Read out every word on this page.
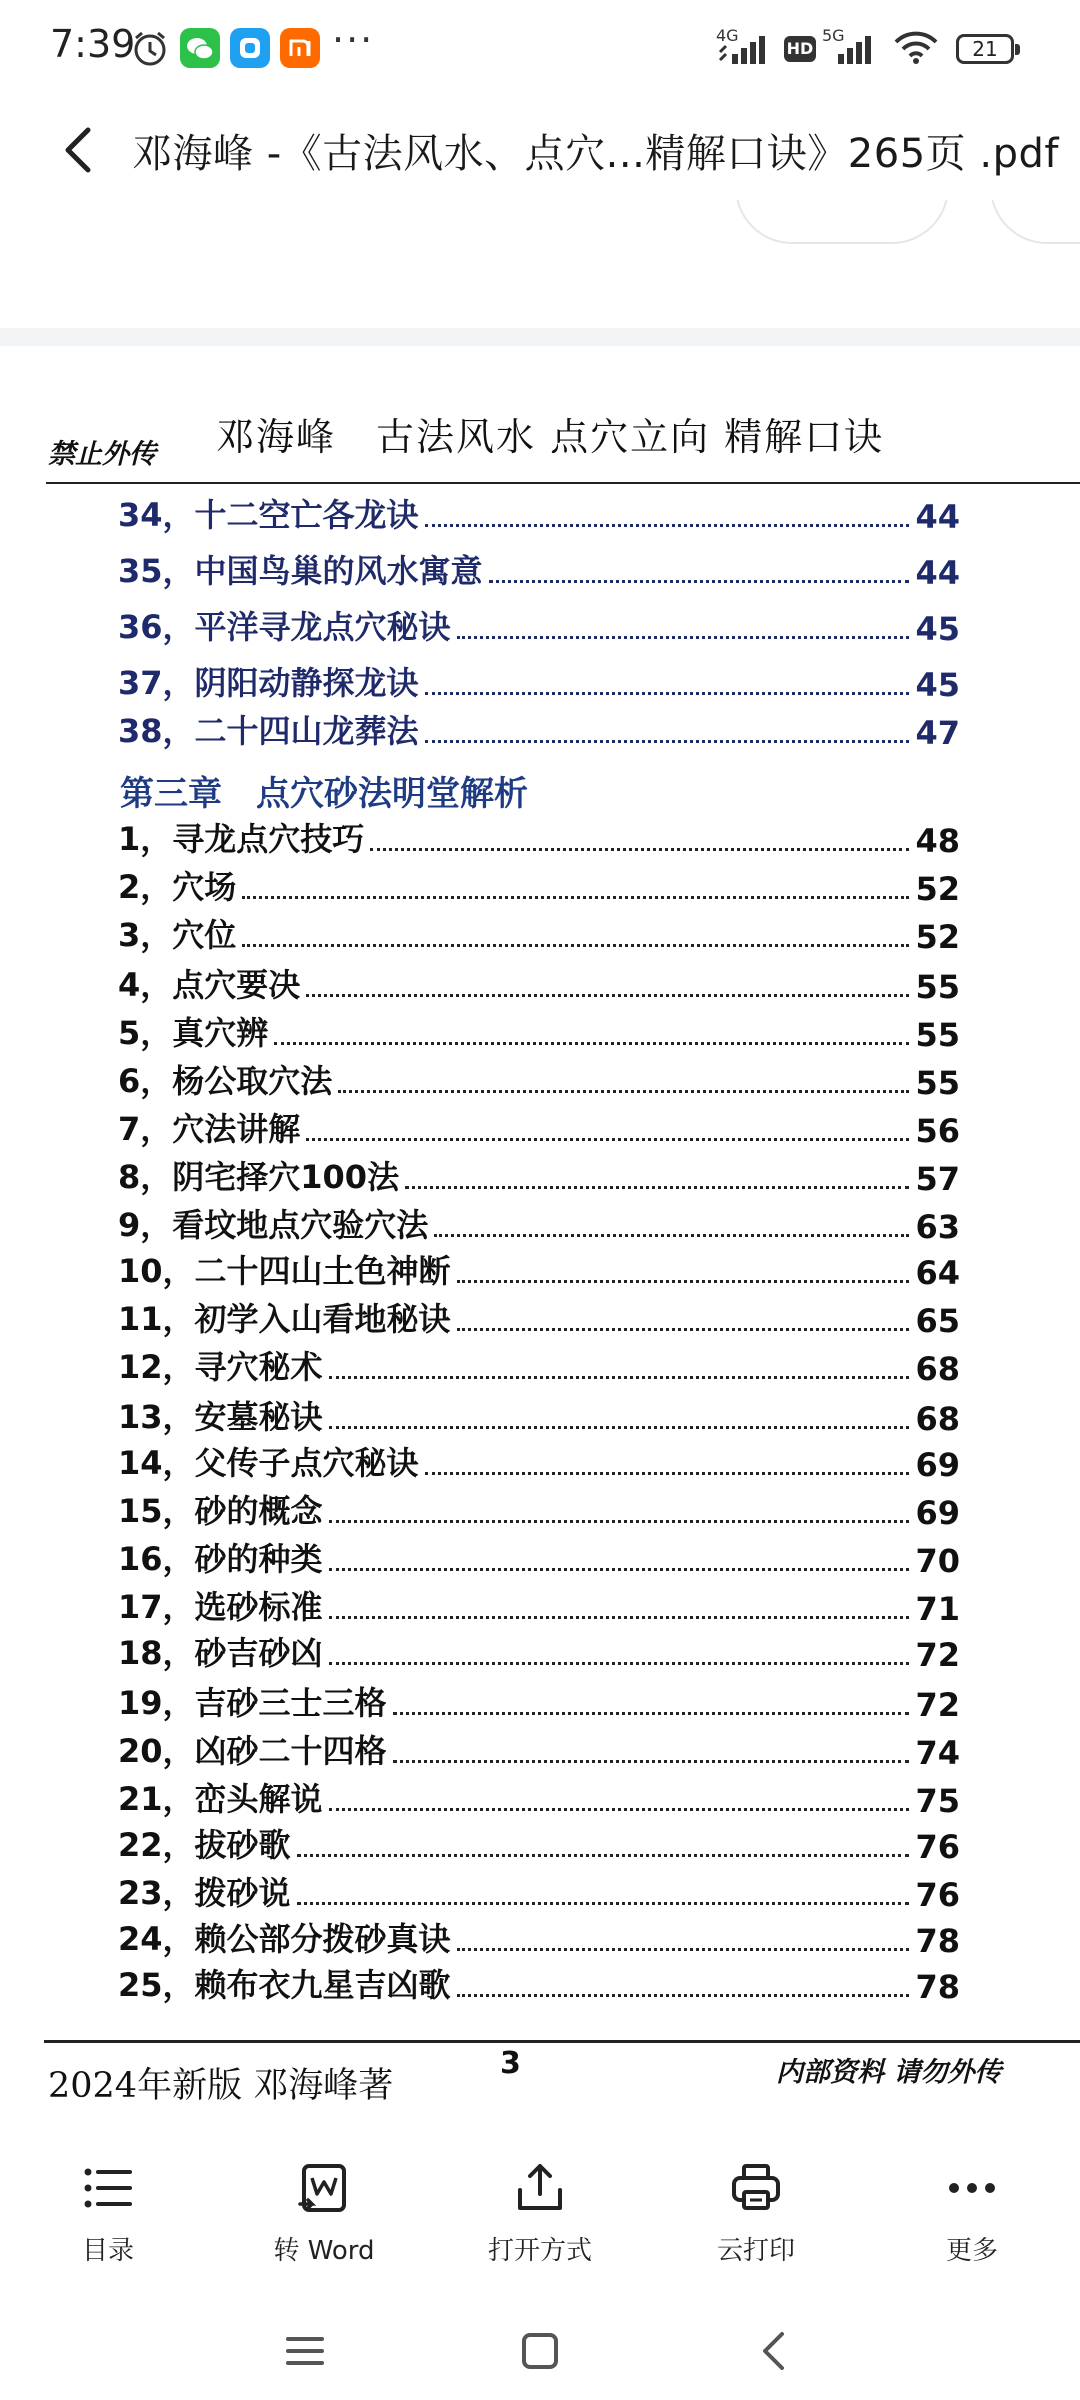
7:39	···	4G
HD
5G
21
邓海峰 -《古法风水、点穴...精解口诀》265页 .pdf
禁止外传 邓海峰　古法风水 点穴立向 精解口诀
34，十二空亡各龙诀	44
35，中国鸟巢的风水寓意	44
36，平洋寻龙点穴秘诀	45
37，阴阳动静探龙诀	45
38，二十四山龙葬法	47
第三章　点穴砂法明堂解析
1，寻龙点穴技巧	48
2，穴场	52
3，穴位	52
4，点穴要决	55
5，真穴辨	55
6，杨公取穴法	55
7，穴法讲解	56
8，阴宅择穴100法	57
9，看坟地点穴验穴法	63
10，二十四山土色神断	64
11，初学入山看地秘诀	65
12，寻穴秘术	68
13，安墓秘诀	68
14，父传子点穴秘诀	69
15，砂的概念	69
16，砂的种类	70
17，选砂标准	71
18，砂吉砂凶	72
19，吉砂三士三格	72
20，凶砂二十四格	74
21，峦头解说	75
22，拔砂歌	76
23，拨砂说	76
24，赖公部分拨砂真诀	78
25，赖布衣九星吉凶歌	78
2024年新版 邓海峰著
3	内部资料 请勿外传
目录	转 Word	打开方式	云打印	更多
